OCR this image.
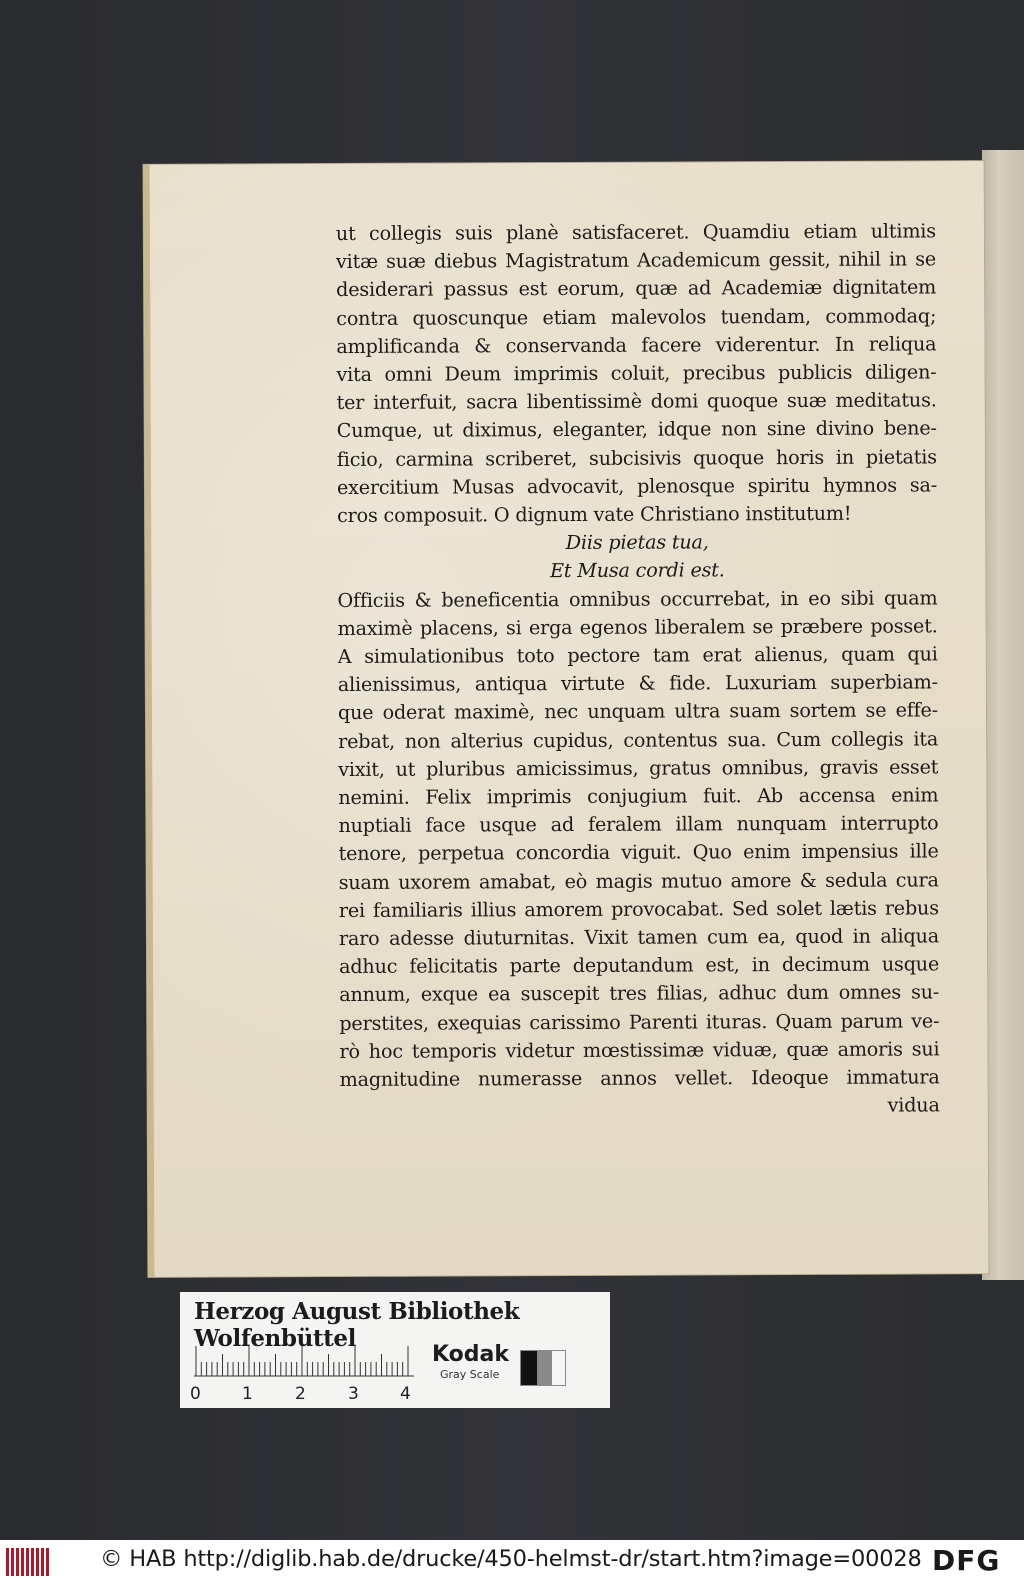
ut collegis suis planè satisfaceret. Quamdiu etiam ultimis
vitæ suæ diebus Magistratum Academicum gessit, nihil in se
desiderari passus est eorum, quæ ad Academiæ dignitatem
contra quoscunque etiam malevolos tuendam, commodaq;
amplificanda & conservanda facere viderentur. In reliqua
vita omni Deum imprimis coluit, precibus publicis diligen-
ter interfuit, sacra libentissimè domi quoque suæ meditatus.
Cumque, ut diximus, eleganter, idque non sine divino bene-
ficio, carmina scriberet, subcisivis quoque horis in pietatis
exercitium Musas advocavit, plenosque spiritu hymnos sa-
cros composuit. O dignum vate Christiano institutum!
Diis pietas tua,
Et Musa cordi est.
Officiis & beneficentia omnibus occurrebat, in eo sibi quam
maximè placens, si erga egenos liberalem se præbere posset.
A simulationibus toto pectore tam erat alienus, quam qui
alienissimus, antiqua virtute & fide. Luxuriam superbiam-
que oderat maximè, nec unquam ultra suam sortem se effe-
rebat, non alterius cupidus, contentus sua. Cum collegis ita
vixit, ut pluribus amicissimus, gratus omnibus, gravis esset
nemini. Felix imprimis conjugium fuit. Ab accensa enim
nuptiali face usque ad feralem illam nunquam interrupto
tenore, perpetua concordia viguit. Quo enim impensius ille
suam uxorem amabat, eò magis mutuo amore & sedula cura
rei familiaris illius amorem provocabat. Sed solet lætis rebus
raro adesse diuturnitas. Vixit tamen cum ea, quod in aliqua
adhuc felicitatis parte deputandum est, in decimum usque
annum, exque ea suscepit tres filias, adhuc dum omnes su-
perstites, exequias carissimo Parenti ituras. Quam parum ve-
rò hoc temporis videtur mœstissimæ viduæ, quæ amoris sui
magnitudine numerasse annos vellet. Ideoque immatura
vidua
Herzog August Bibliothek Wolfenbüttel
0 1 2 3 4
Kodak
Gray Scale
© HAB http://diglib.hab.de/drucke/450-helmst-dr/start.htm?image=00028 DFG
